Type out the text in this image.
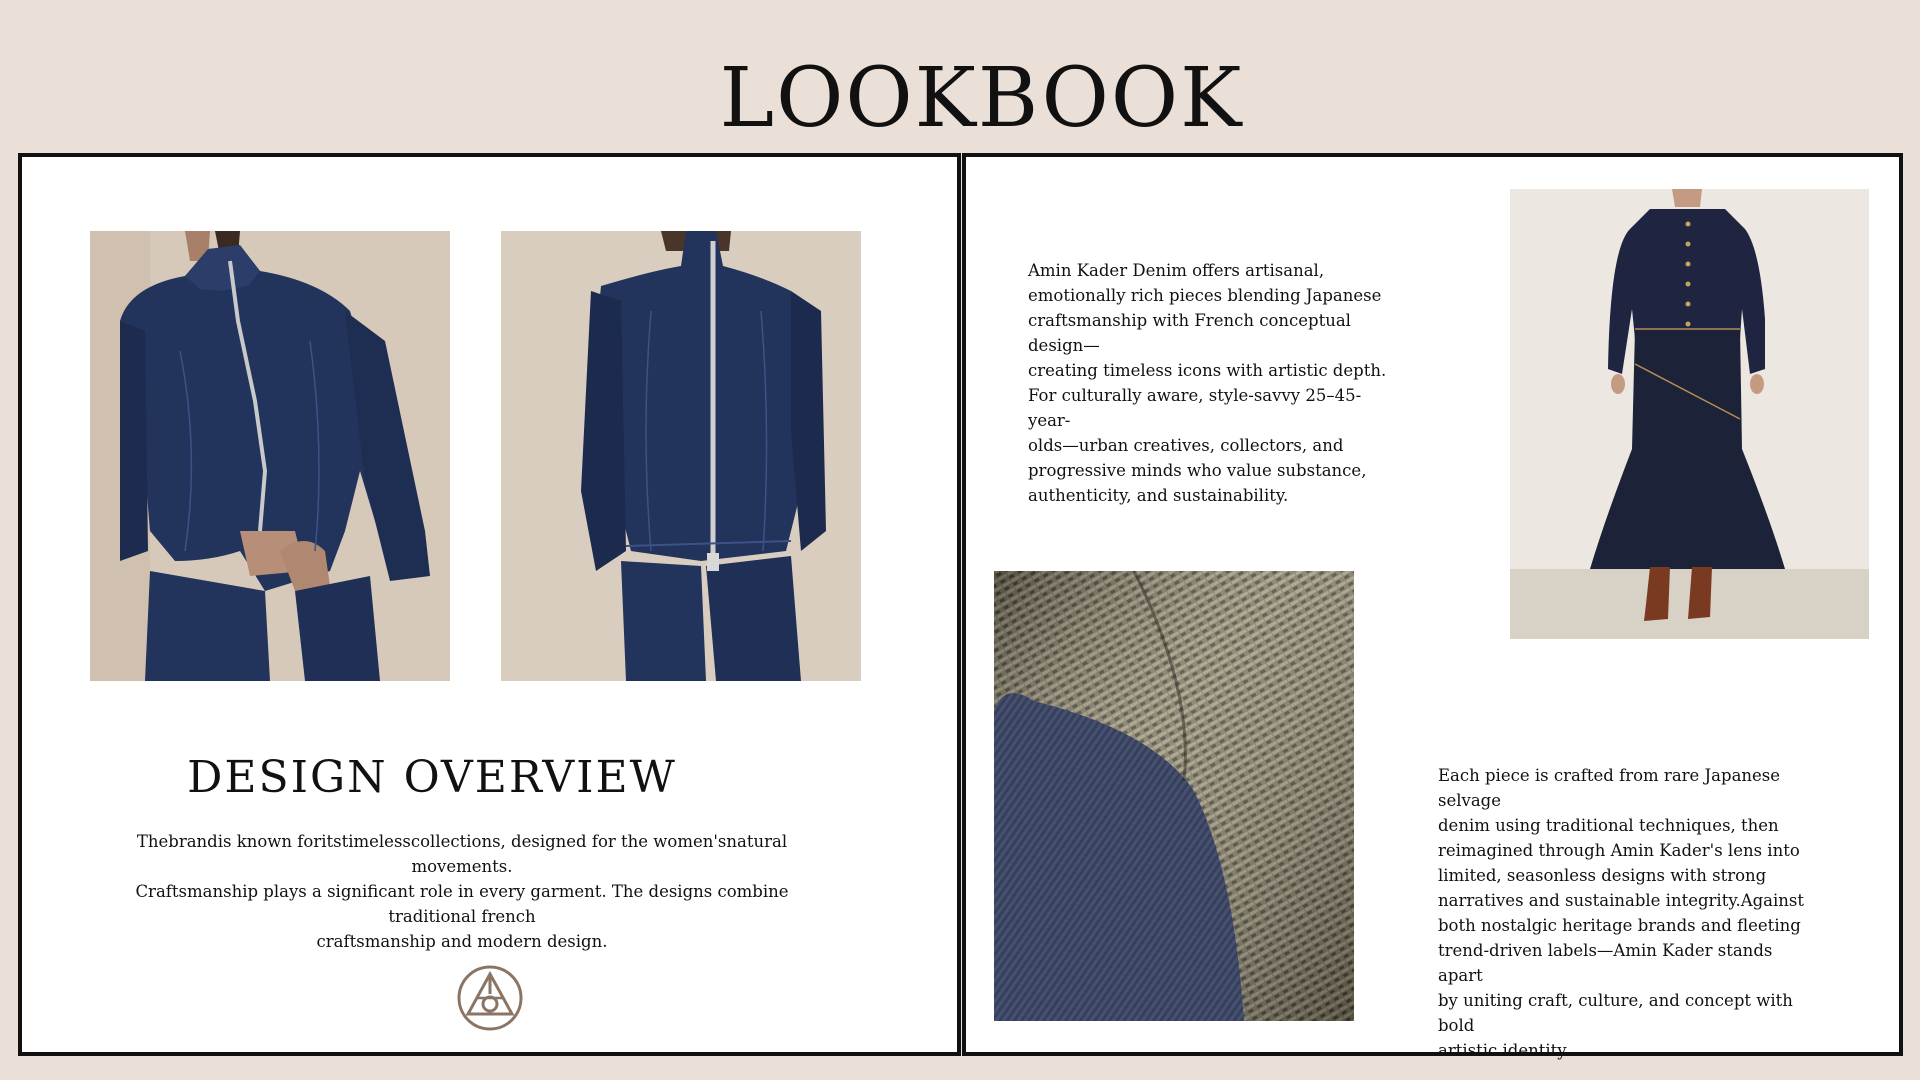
LOOKBOOK
DESIGN OVERVIEW

Thebrandis known foritstimelesscollections, designed for the women'snatural movements.

Craftsmanship plays a significant role in every garment. The designs combine traditional french

craftsmanship and modern design.

Amin Kader Denim offers artisanal,

emotionally rich pieces blending Japanese

craftsmanship with French conceptual design—

creating timeless icons with artistic depth.

For culturally aware, style-savvy 25–45-year-

olds—urban creatives, collectors, and

progressive minds who value substance,

authenticity, and sustainability.

Each piece is crafted from rare Japanese selvage

denim using traditional techniques, then

reimagined through Amin Kader's lens into

limited, seasonless designs with strong

narratives and sustainable integrity.Against

both nostalgic heritage brands and fleeting

trend-driven labels—Amin Kader stands apart

by uniting craft, culture, and concept with bold

artistic identity.
